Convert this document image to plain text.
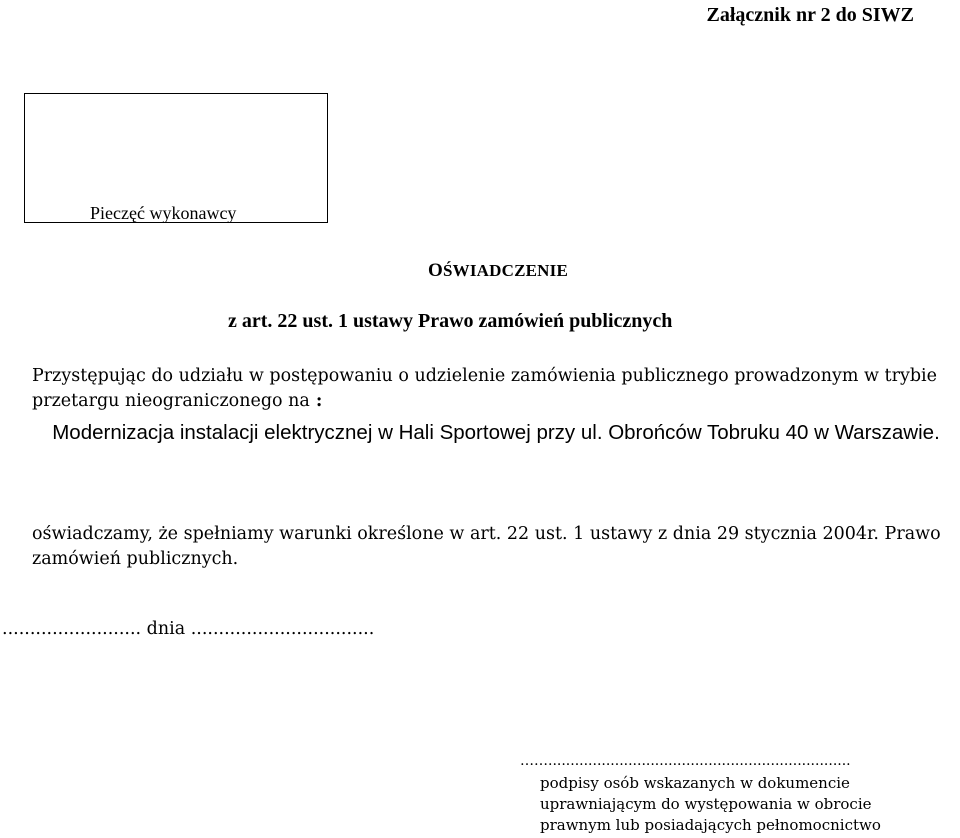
Załącznik nr 2 do SIWZ
Pieczęć wykonawcy
OŚWIADCZENIE
z art. 22 ust. 1 ustawy Prawo zamówień publicznych
Przystępując do udziału w postępowaniu o udzielenie zamówienia publicznego prowadzonym w trybie przetargu nieograniczonego na :
Modernizacja instalacji elektrycznej w Hali Sportowej przy ul. Obrońców Tobruku 40 w Warszawie.
oświadczamy, że spełniamy warunki określone w art. 22 ust. 1 ustawy z dnia 29 stycznia 2004r. Prawo zamówień publicznych.
......................... dnia .................................
……....................................................................
podpisy osób wskazanych w dokumencie
uprawniającym do występowania w obrocie
prawnym lub posiadających pełnomocnictwo
